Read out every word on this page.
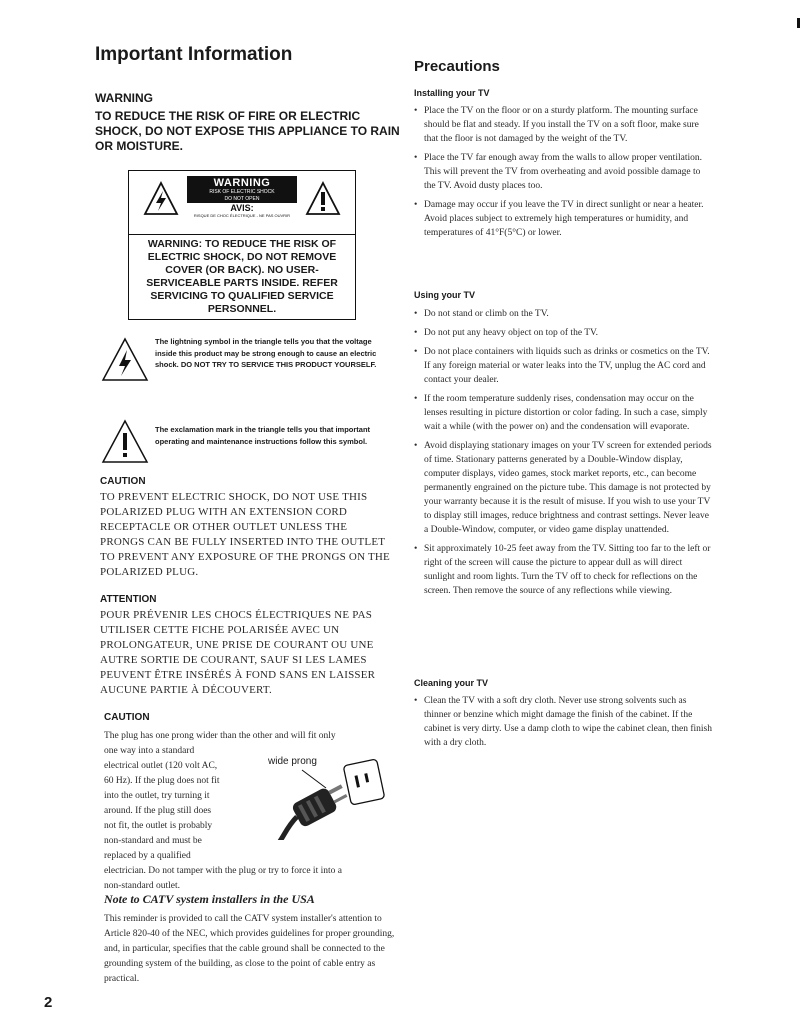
Important Information
WARNING
TO REDUCE THE RISK OF FIRE OR ELECTRIC SHOCK, DO NOT EXPOSE THIS APPLIANCE TO RAIN OR MOISTURE.
WARNING
RISK OF ELECTRIC SHOCK
DO NOT OPEN
AVIS:
RISQUE DE CHOC ÉLECTRIQUE - NE PAS OUVRIR
WARNING: TO REDUCE THE RISK OF ELECTRIC SHOCK, DO NOT REMOVE COVER (OR BACK). NO USER-SERVICEABLE PARTS INSIDE. REFER SERVICING TO QUALIFIED SERVICE PERSONNEL.
The lightning symbol in the triangle tells you that the voltage inside this product may be strong enough to cause an electric shock. DO NOT TRY TO SERVICE THIS PRODUCT YOURSELF.
The exclamation mark in the triangle tells you that important operating and maintenance instructions follow this symbol.
CAUTION
TO PREVENT ELECTRIC SHOCK, DO NOT USE THIS POLARIZED PLUG WITH AN EXTENSION CORD RECEPTACLE OR OTHER OUTLET UNLESS THE PRONGS CAN BE FULLY INSERTED INTO THE OUTLET TO PREVENT ANY EXPOSURE OF THE PRONGS ON THE POLARIZED PLUG.
ATTENTION
POUR PRÉVENIR LES CHOCS ÉLECTRIQUES NE PAS UTILISER CETTE FICHE POLARISÉE AVEC UN PROLONGATEUR, UNE PRISE DE COURANT OU UNE AUTRE SORTIE DE COURANT, SAUF SI LES LAMES PEUVENT ÊTRE INSÉRÉS À FOND SANS EN LAISSER AUCUNE PARTIE À DÉCOUVERT.
CAUTION
The plug has one prong wider than the other and will fit only
one way into a standard
electrical outlet (120 volt AC,
60 Hz). If the plug does not fit
into the outlet, try turning it
around. If the plug still does
not fit, the outlet is probably
non-standard and must be
replaced by a qualified
electrician. Do not tamper with the plug or try to force it into a
non-standard outlet.
wide prong
Note to CATV system installers in the USA
This reminder is provided to call the CATV system installer's attention to Article 820-40 of the NEC, which provides guidelines for proper grounding, and, in particular, specifies that the cable ground shall be connected to the grounding system of the building, as close to the point of cable entry as practical.
2
Precautions
Installing your TV
• Place the TV on the floor or on a sturdy platform. The mounting surface should be flat and steady. If you install the TV on a soft floor, make sure that the floor is not damaged by the weight of the TV.
• Place the TV far enough away from the walls to allow proper ventilation. This will prevent the TV from overheating and avoid possible damage to the TV. Avoid dusty places too.
• Damage may occur if you leave the TV in direct sunlight or near a heater. Avoid places subject to extremely high temperatures or humidity, and temperatures of 41°F(5°C) or lower.
Using your TV
• Do not stand or climb on the TV.
• Do not put any heavy object on top of the TV.
• Do not place containers with liquids such as drinks or cosmetics on the TV. If any foreign material or water leaks into the TV, unplug the AC cord and contact your dealer.
• If the room temperature suddenly rises, condensation may occur on the lenses resulting in picture distortion or color fading. In such a case, simply wait a while (with the power on) and the condensation will evaporate.
• Avoid displaying stationary images on your TV screen for extended periods of time. Stationary patterns generated by a Double-Window display, computer displays, video games, stock market reports, etc., can become permanently engrained on the picture tube. This damage is not protected by your warranty because it is the result of misuse. If you wish to use your TV to display still images, reduce brightness and contrast settings. Never leave a Double-Window, computer, or video game display unattended.
• Sit approximately 10-25 feet away from the TV. Sitting too far to the left or right of the screen will cause the picture to appear dull as will direct sunlight and room lights. Turn the TV off to check for reflections on the screen. Then remove the source of any reflections while viewing.
Cleaning your TV
• Clean the TV with a soft dry cloth. Never use strong solvents such as thinner or benzine which might damage the finish of the cabinet. If the cabinet is very dirty. Use a damp cloth to wipe the cabinet clean, then finish with a dry cloth.
